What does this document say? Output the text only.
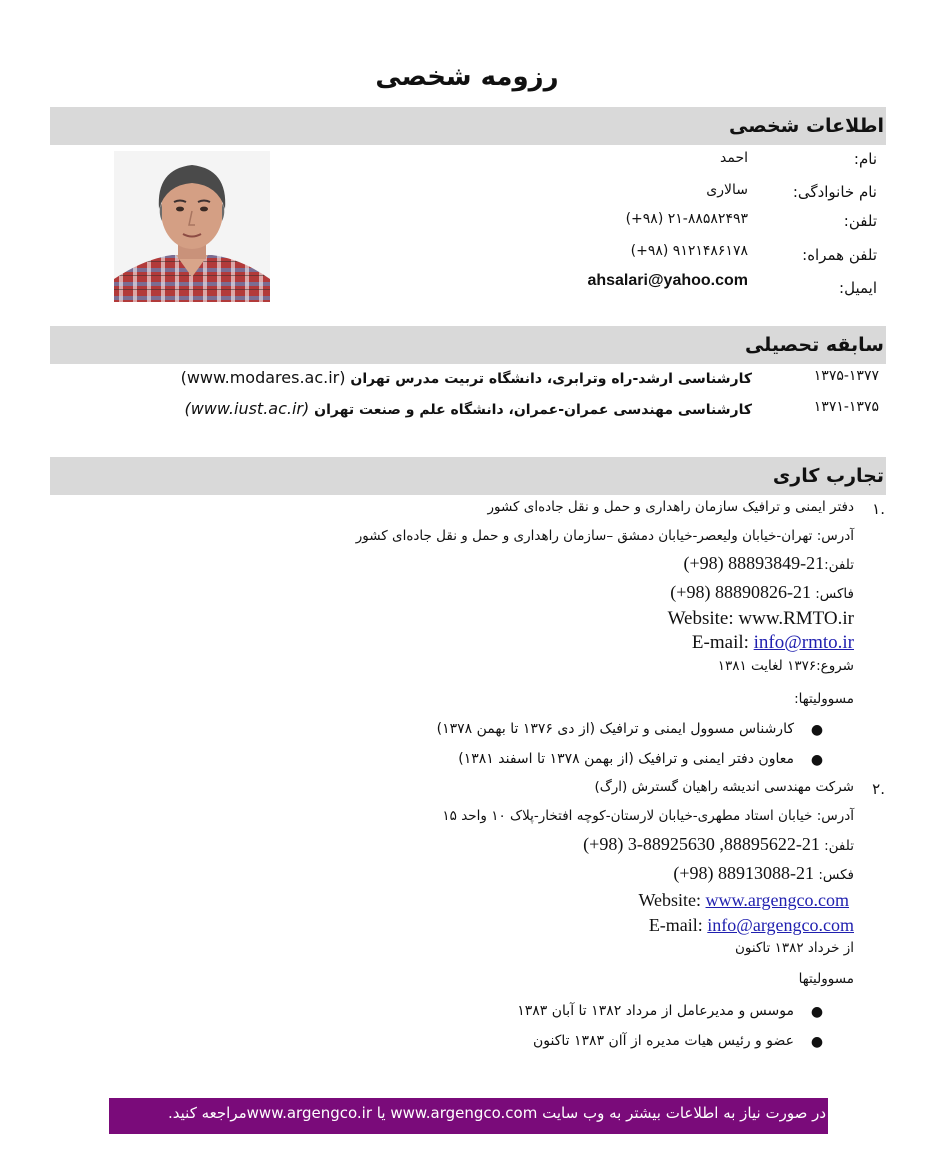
رزومه شخصی
اطلاعات شخصی
نام:
احمد
نام خانوادگی:
سالاری
تلفن:
۲۱-۸۸۵۸۲۴۹۳ (۹۸+)
تلفن همراه:
۹۱۲۱۴۸۶۱۷۸ (۹۸+)
ایمیل:
ahsalari@yahoo.com
سابقه تحصیلی
۱۳۷۵-۱۳۷۷
کارشناسی ارشد-راه وترابری، دانشگاه تربیت مدرس تهران (www.modares.ac.ir)
۱۳۷۱-۱۳۷۵
کارشناسی مهندسی عمران-عمران، دانشگاه علم و صنعت تهران (www.iust.ac.ir)
تجارب کاری
.۱
دفتر ایمنی و ترافیک سازمان راهداری و حمل و نقل جاده‌ای کشور
آدرس: تهران-خیابان ولیعصر-خیابان دمشق –سازمان راهداری و حمل و نقل جاده‌ای کشور
تلفن:21-88893849 (98+)
فاکس: 21-88890826 (98+)
Website: www.RMTO.ir
E-mail: info@rmto.ir
شروع:۱۳۷۶ لغایت ۱۳۸۱
مسوولیتها:
●
کارشناس مسوول ایمنی و ترافیک (از دی ۱۳۷۶ تا بهمن ۱۳۷۸)
●
معاون دفتر ایمنی و ترافیک (از بهمن ۱۳۷۸ تا اسفند ۱۳۸۱)
.۲
شرکت مهندسی اندیشه راهیان گسترش (ارگ)
آدرس: خیابان استاد مطهری-خیابان لارستان-کوچه افتخار-پلاک ۱۰ واحد ۱۵
تلفن: 21-88895622, 88925630-3 (98+)
فکس: 21-88913088 (98+)
Website: www.argengco.com
E-mail: info@argengco.com
از خرداد ۱۳۸۲ تاکنون
مسوولیتها
●
موسس و مدیرعامل از مرداد ۱۳۸۲ تا آبان ۱۳۸۳
●
عضو و رئیس هیات مدیره از آان ۱۳۸۳ تاکنون
در صورت نیاز به اطلاعات بیشتر به وب سایت www.argengco.com یا www.argengco.irمراجعه کنید.
